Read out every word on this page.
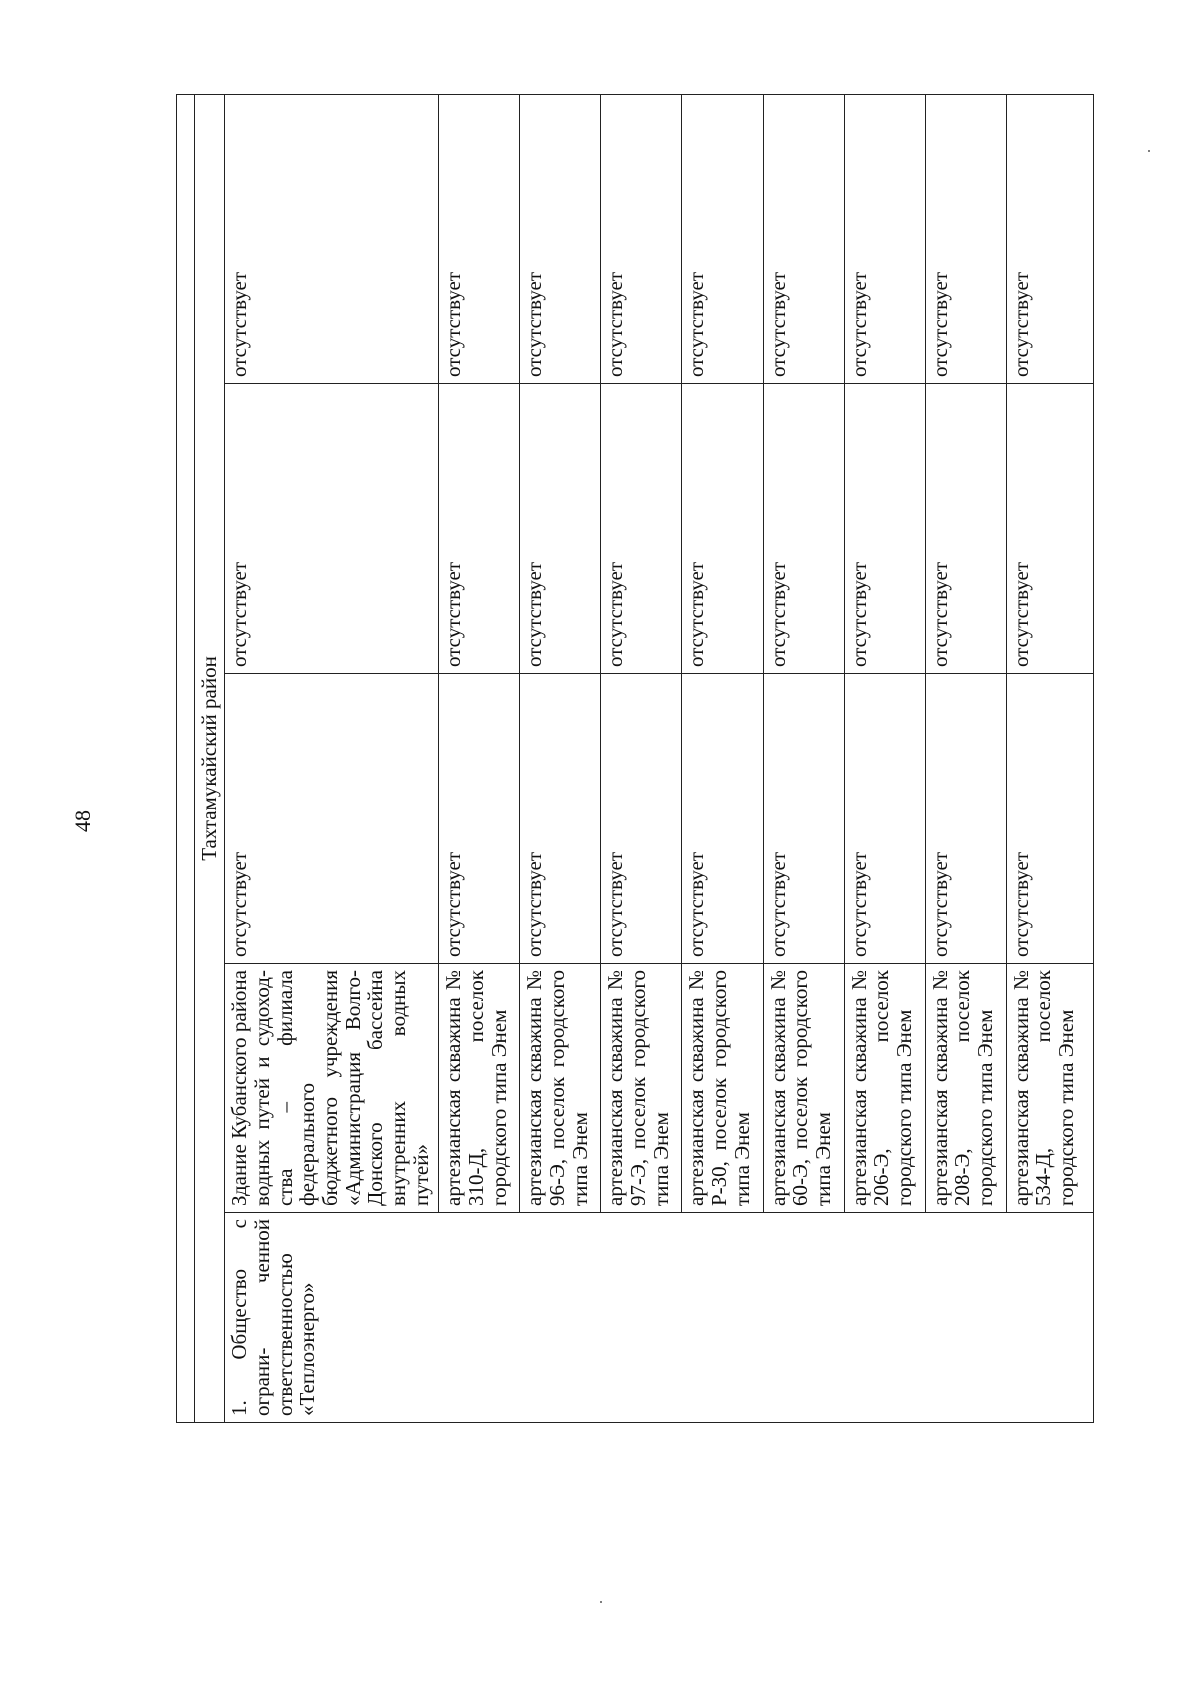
48	Тахтамукайский район				
1. Общество с ограни- ченной ответственностью «Теплоэнерго»	Здание Кубанского района водных путей и судоход- ства – филиала федерального бюджетного учреждения «Администрация Волго- Донского бассейна внутренних водных путей»	отсутствует	отсутствует	отсутствует
	артезианская скважина № 310-Д, поселок городского типа Энем	отсутствует	отсутствует	отсутствует
	артезианская скважина № 96-Э, поселок городского типа Энем	отсутствует	отсутствует	отсутствует
	артезианская скважина № 97-Э, поселок городского типа Энем	отсутствует	отсутствует	отсутствует
	артезианская скважина № Р-30, поселок городского типа Энем	отсутствует	отсутствует	отсутствует
	артезианская скважина № 60-Э, поселок городского типа Энем	отсутствует	отсутствует	отсутствует
	артезианская скважина № 206-Э, поселок городского типа Энем	отсутствует	отсутствует	отсутствует
	артезианская скважина № 208-Э, поселок городского типа Энем	отсутствует	отсутствует	отсутствует
	артезианская скважина № 534-Д, поселок городского типа Энем	отсутствует	отсутствует	отсутствует
